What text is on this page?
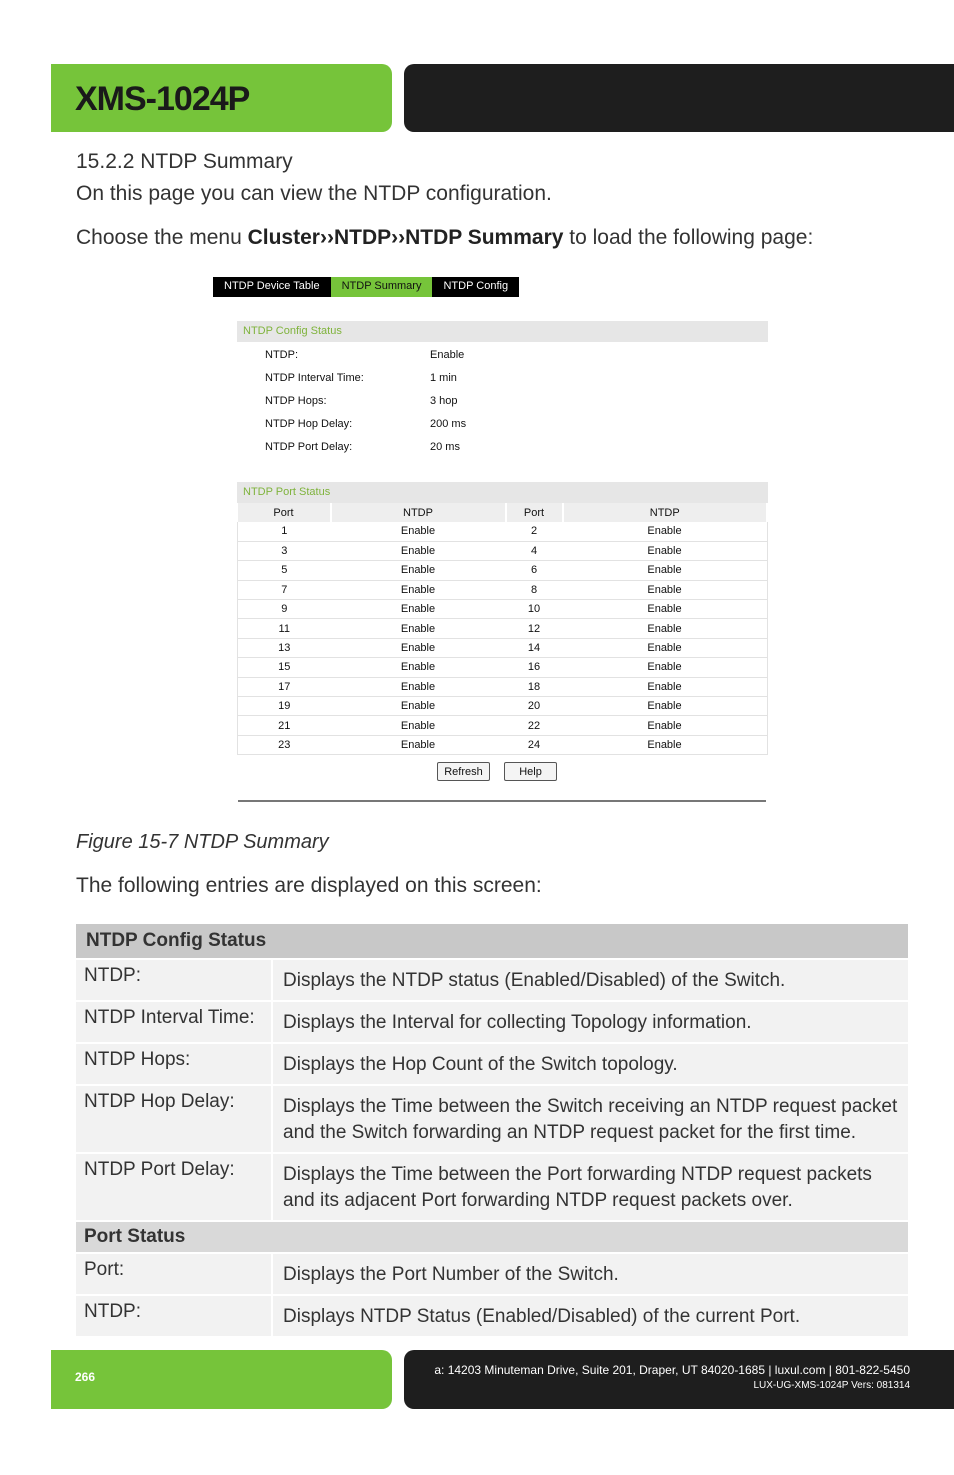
XMS-1024P
15.2.2 NTDP Summary
On this page you can view the NTDP configuration.
Choose the menu Cluster››NTDP››NTDP Summary to load the following page:
NTDP Device Table	NTDP Summary	NTDP Config
NTDP Config Status
NTDP:	Enable
NTDP Interval Time:	1 min
NTDP Hops:	3 hop
NTDP Hop Delay:	200 ms
NTDP Port Delay:	20 ms
NTDP Port Status
Port	NTDP	Port	NTDP
1	Enable	2	Enable
3	Enable	4	Enable
5	Enable	6	Enable
7	Enable	8	Enable
9	Enable	10	Enable
11	Enable	12	Enable
13	Enable	14	Enable
15	Enable	16	Enable
17	Enable	18	Enable
19	Enable	20	Enable
21	Enable	22	Enable
23	Enable	24	Enable
Refresh	Help
Figure 15-7 NTDP Summary
The following entries are displayed on this screen:
NTDP Config Status	
NTDP:	Displays the NTDP status (Enabled/Disabled) of the Switch.
NTDP Interval Time:	Displays the Interval for collecting Topology information.
NTDP Hops:	Displays the Hop Count of the Switch topology.
NTDP Hop Delay:	Displays the Time between the Switch receiving an NTDP request packet and the Switch forwarding an NTDP request packet for the first time.
NTDP Port Delay:	Displays the Time between the Port forwarding NTDP request packets and its adjacent Port forwarding NTDP request packets over.
Port Status	
Port:	Displays the Port Number of the Switch.
NTDP:	Displays NTDP Status (Enabled/Disabled) of the current Port.
266	a: 14203 Minuteman Drive, Suite 201, Draper, UT 84020-1685 | luxul.com | 801-822-5450
LUX-UG-XMS-1024P Vers: 081314
